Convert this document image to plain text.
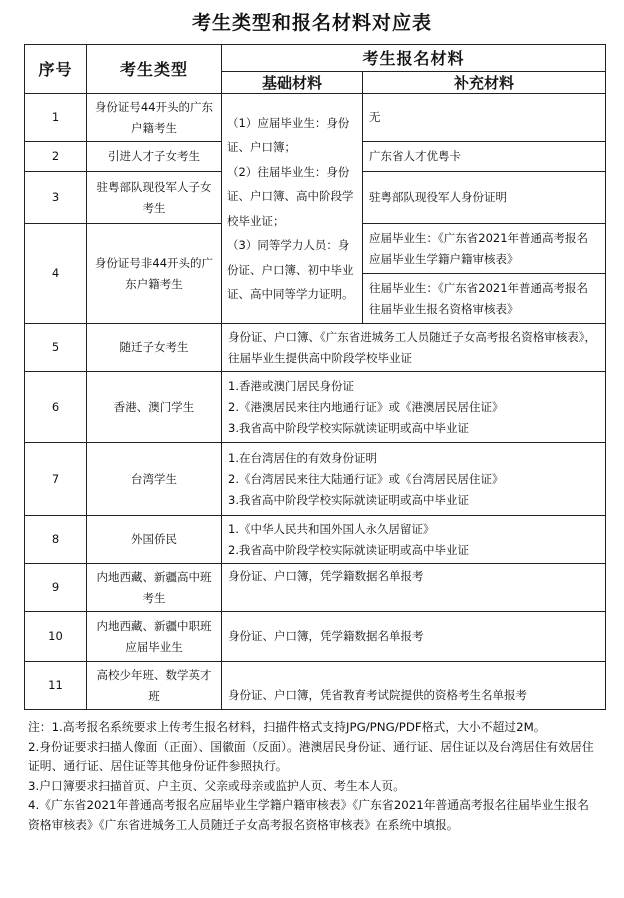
考生类型和报名材料对应表
序号	考生类型	考生报名材料	
		基础材料	补充材料
1	身份证号44开头的广东户籍考生	（1）应届毕业生：身份证、户口簿；
（2）往届毕业生：身份证、户口簿、高中阶段学校毕业证；
（3）同等学力人员：身份证、户口簿、初中毕业证、高中同等学力证明。	无
2	引进人才子女考生		广东省人才优粤卡
3	驻粤部队现役军人子女考生		驻粤部队现役军人身份证明
4	身份证号非44开头的广东户籍考生		应届毕业生：《广东省2021年普通高考报名应届毕业生学籍户籍审核表》
			往届毕业生：《广东省2021年普通高考报名往届毕业生报名资格审核表》
5	随迁子女考生	身份证、户口簿、《广东省进城务工人员随迁子女高考报名资格审核表》，往届毕业生提供高中阶段学校毕业证	
6	香港、澳门学生	1.香港或澳门居民身份证
2.《港澳居民来往内地通行证》或《港澳居民居住证》
3.我省高中阶段学校实际就读证明或高中毕业证	

7	台湾学生	1.在台湾居住的有效身份证明
2.《台湾居民来往大陆通行证》或《台湾居民居住证》
3.我省高中阶段学校实际就读证明或高中毕业证	

8	外国侨民	1.《中华人民共和国外国人永久居留证》
2.我省高中阶段学校实际就读证明或高中毕业证	

9	内地西藏、新疆高中班考生	身份证、户口簿，凭学籍数据名单报考	
10	内地西藏、新疆中职班应届毕业生	身份证、户口簿，凭学籍数据名单报考	
11	高校少年班、数学英才班	身份证、户口簿，凭省教育考试院提供的资格考生名单报考	

注：1.高考报名系统要求上传考生报名材料，扫描件格式支持JPG/PNG/PDF格式，大小不超过2M。

2.身份证要求扫描人像面（正面）、国徽面（反面）。港澳居民身份证、通行证、居住证以及台湾居住有效居住证明、通行证、居住证等其他身份证件参照执行。

3.户口簿要求扫描首页、户主页、父亲或母亲或监护人页、考生本人页。

4.《广东省2021年普通高考报名应届毕业生学籍户籍审核表》《广东省2021年普通高考报名往届毕业生报名资格审核表》《广东省进城务工人员随迁子女高考报名资格审核表》在系统中填报。
